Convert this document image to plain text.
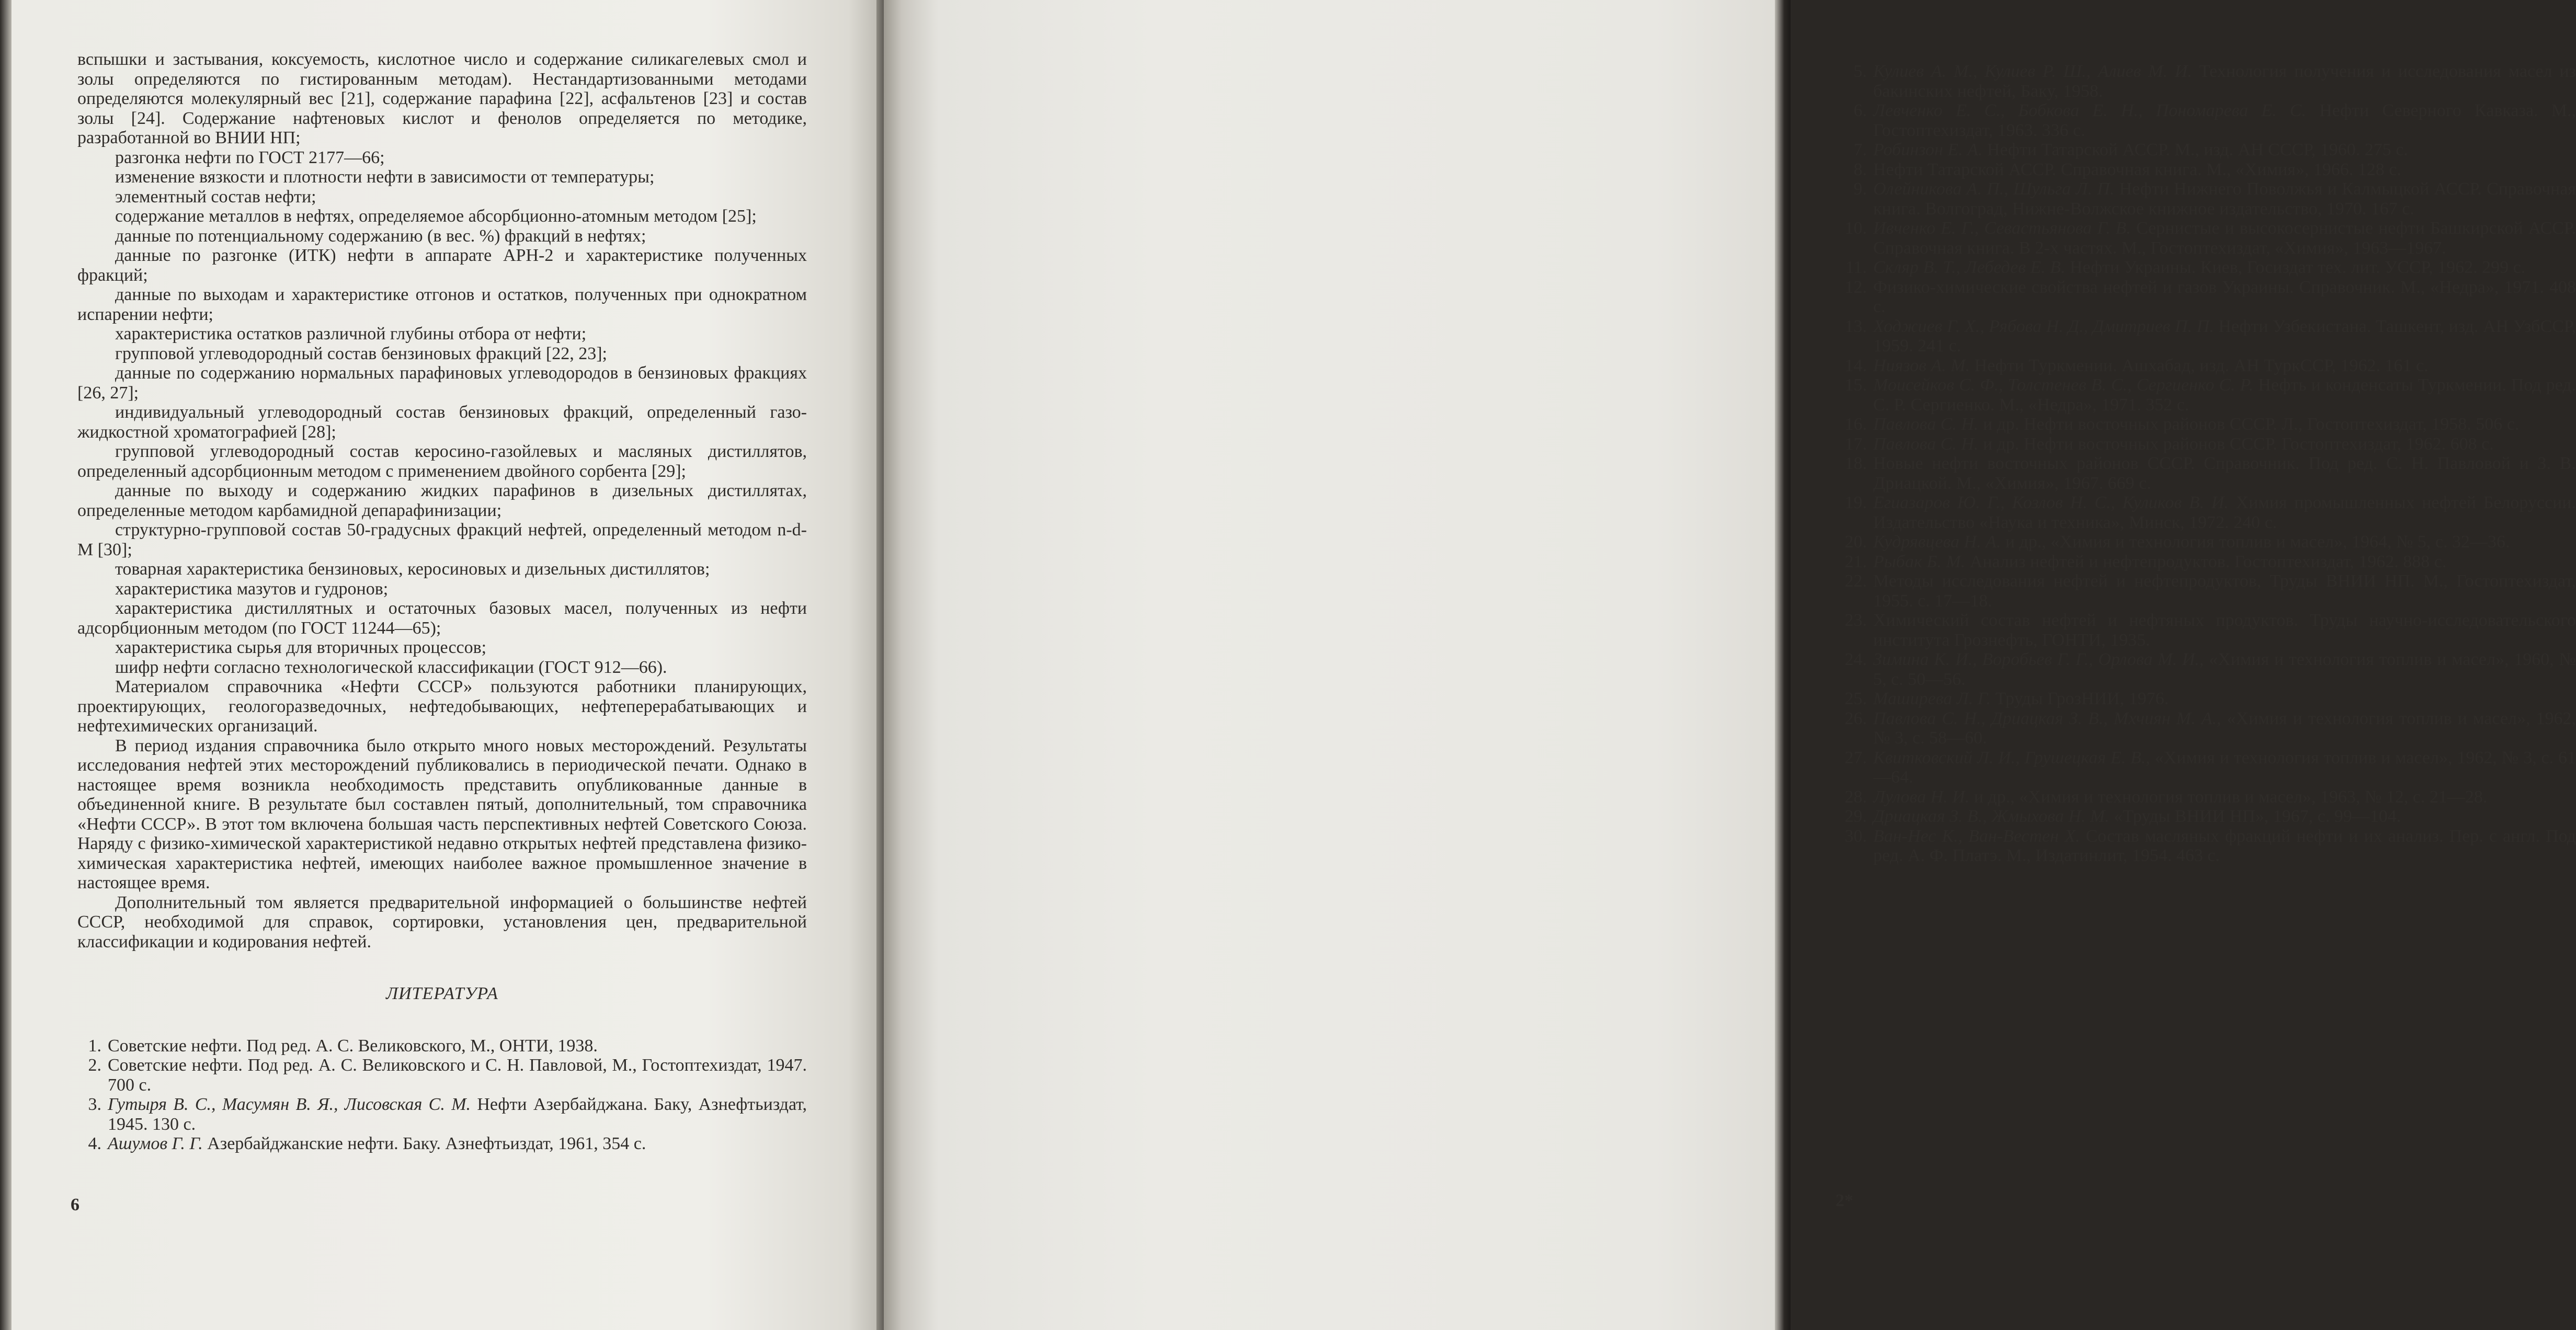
вспышки и застывания, коксуемость, кислотное число и содержание силикагелевых смол и золы определяются по гистированным методам). Нестандартизованными методами определяются молекулярный вес [21], содержание парафина [22], асфальтенов [23] и состав золы [24]. Содержание нафтеновых кислот и фенолов определяется по методике, разработанной во ВНИИ НП;

разгонка нефти по ГОСТ 2177—66;

изменение вязкости и плотности нефти в зависимости от температуры;

элементный состав нефти;

содержание металлов в нефтях, определяемое абсорбционно-атомным методом [25];

данные по потенциальному содержанию (в вес. %) фракций в нефтях;

данные по разгонке (ИТК) нефти в аппарате АРН-2 и характеристике полученных фракций;

данные по выходам и характеристике отгонов и остатков, полученных при однократном испарении нефти;

характеристика остатков различной глубины отбора от нефти;

групповой углеводородный состав бензиновых фракций [22, 23];

данные по содержанию нормальных парафиновых углеводородов в бензиновых фракциях [26, 27];

индивидуальный углеводородный состав бензиновых фракций, определенный газо-жидкостной хроматографией [28];

групповой углеводородный состав керосино-газойлевых и масляных дистиллятов, определенный адсорбционным методом с применением двойного сорбента [29];

данные по выходу и содержанию жидких парафинов в дизельных дистиллятах, определенные методом карбамидной депарафинизации;

структурно-групповой состав 50-градусных фракций нефтей, определенный методом n-d-M [30];

товарная характеристика бензиновых, керосиновых и дизельных дистиллятов;

характеристика мазутов и гудронов;

характеристика дистиллятных и остаточных базовых масел, полученных из нефти адсорбционным методом (по ГОСТ 11244—65);

характеристика сырья для вторичных процессов;

шифр нефти согласно технологической классификации (ГОСТ 912—66).

Материалом справочника «Нефти СССР» пользуются работники планирующих, проектирующих, геологоразведочных, нефтедобывающих, нефтеперерабатывающих и нефтехимических организаций.

В период издания справочника было открыто много новых месторождений. Результаты исследования нефтей этих месторождений публиковались в периодической печати. Однако в настоящее время возникла необходимость представить опубликованные данные в объединенной книге. В результате был составлен пятый, дополнительный, том справочника «Нефти СССР». В этот том включена большая часть перспективных нефтей Советского Союза. Наряду с физико-химической характеристикой недавно открытых нефтей представлена физико-химическая характеристика нефтей, имеющих наиболее важное промышленное значение в настоящее время.

Дополнительный том является предварительной информацией о большинстве нефтей СССР, необходимой для справок, сортировки, установления цен, предварительной классификации и кодирования нефтей.

ЛИТЕРАТУРА
1. Советские нефти. Под ред. А. С. Великовского, М., ОНТИ, 1938.
2. Советские нефти. Под ред. А. С. Великовского и С. Н. Павловой, М., Гостоптехиздат, 1947. 700 с.
3. Гутыря В. С., Масумян В. Я., Лисовская С. М. Нефти Азербайджана. Баку, Азнефтьиздат, 1945. 130 с.
4. Ашумов Г. Г. Азербайджанские нефти. Баку. Азнефтьиздат, 1961, 354 с.
6
5. Кулиев А. М., Кулиев Р. Ш., Алиев М. И. Технология получения и исследования масел из бакинских нефтей, Баку, 1958.
6. Левченко Е. С., Бобкова Е. Н., Пономарева Е. С. Нефти Северного Кавказа. М., Гостоптехиздат, 1963. 336 с.
7. Робинзон Е. А. Нефти Татарской АССР. М., изд. АН СССР, 1960. 275 с.
8. Нефти Татарской АССР. Справочная книга. М., «Химия», 1966. 128 с.
9. Олейникова А. П., Шульга Л. П. Нефти Нижнего Поволжья и Калмыцкой АССР. Справочная книга. Волгоград, Нижне-Волжское книжное издательство, 1970. 167 с.
10. Ивченко Е. Г., Севастьянова Г. В. Сернистые и высокосернистые нефти Башкирской АССР. Справочная книга. В 2-х частях. М., Гостоптехиздат, «Химия», 1963—1967.
11. Скляр В. Т., Лебедев Е. В. Нефти Украины. Киев, Госиздат тех. лит. УССР, 1962. 299 с.
12. Физико-химические свойства нефтей и газов Украины. Справочник. М., «Недра», 1971. 408 с.
13. Ходжиев Г. Х., Рябова Н. Д., Дмитриев П. П. Нефти Узбекистана. Ташкент, изд. АН УзбССР, 1959. 241 с.
14. Ниязов А. М. Нефти Туркмении. Ашхабад, изд. АН ТуркССР, 1962. 161 с.
15. Моисейков С. Ф., Толстенев В. С., Сергиенко С. Р. Нефть и конденсаты Туркмении. Под ред. С. Р. Сергиенко. М., «Недра», 1971. 352 с.
16. Павлова С. Н. и др. Нефти восточных районов СССР. Л., Гостоптехиздат, 1958. 506 с.
17. Павлова С. Н. и др. Нефти восточных районов СССР. Гостоптехиздат, 1962. 608 с.
18. Новые нефти восточных районов СССР. Справочник. Под ред. С. Н. Павловой и З. В. Дриацкой. М., «Химия», 1967. 669 с.
19. Егиазаров Ю. Г., Козлов Н. С., Куликов В. И. Химия промышленных нефтей Белоруссии. Издательство «Наука и техника», Минск, 1972. 240 с.
20. Кудрявцева Н. А. и др., «Химия и технология топлив и масел», 1964, № 5, с. 32—36.
21. Рыбак Б. М. Анализ нефтей и нефтепродуктов. Гостоптехиздат, 1962. 888 с.
22. Методы исследования нефтей и нефтепродуктов, Труды ВНИИ НП. М., Гостоптехиздат, 1955. с. 17—18.
23. Химический состав нефтей и нефтяных продуктов. Труды научно-исследовательского института Грознефть, ГОНТИ, 1935.
24. Зимина К. И., Воробьев Г. Г., Орлова М. И., «Химия и технология топлив и масел», 1960, № 5, с. 50—56.
25. Маширева Л. Г. Труды ГрозНИИ, 1976.
26. Павлова С. Н., Дриацкая З. В., Мхчиян М. А., «Химия и технология топлив и масел», 1962, № 3, с. 58—60.
27. Квитковский Л. И., Грушецкая Е. В., «Химия и технология топлив и масел», 1962, № 3, с. 61—64.
28. Лулова Н. И. и др., «Химия и технология топлив и масел», 1963, № 12, с. 21—28.
29. Дриацкая З. В., Жмыхова Н. М. «Труды ВНИИ НП», 1967, с. 99—104.
30. Ван-Нес К., Ван-Вестен Х. Состав масляных фракций нефти и их анализ. Пер. с англ. Под ред. А. Ф. Платэ. М., Издатинлит, 1954. 463 с.
2*
